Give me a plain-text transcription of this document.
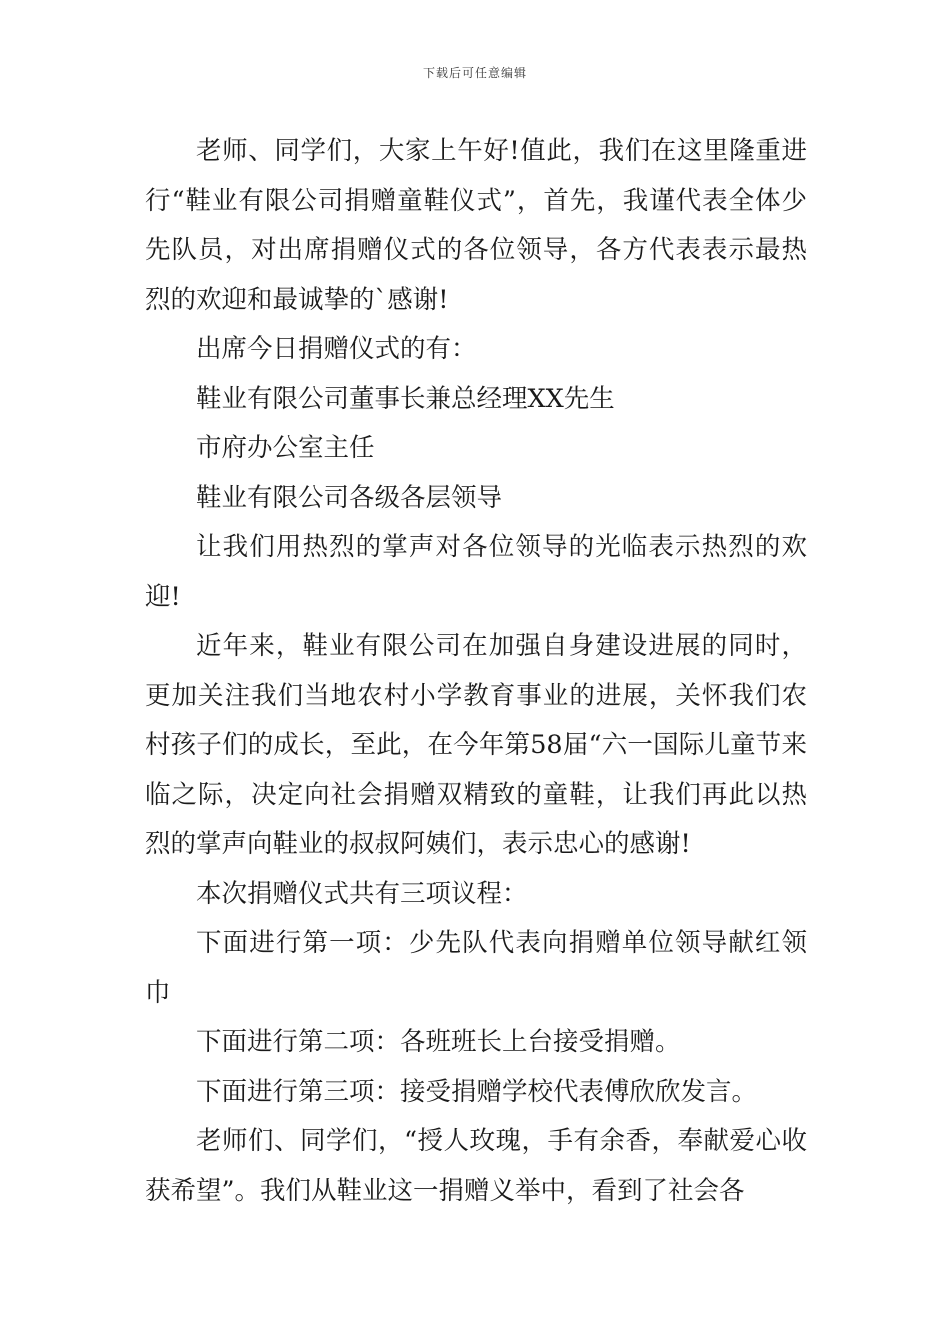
下载后可任意编辑

老师、同学们，大家上午好!值此，我们在这里隆重进行“鞋业有限公司捐赠童鞋仪式”，首先，我谨代表全体少先队员，对出席捐赠仪式的各位领导，各方代表表示最热烈的欢迎和最诚挚的`感谢!

出席今日捐赠仪式的有：

鞋业有限公司董事长兼总经理XX先生

市府办公室主任

鞋业有限公司各级各层领导

让我们用热烈的掌声对各位领导的光临表示热烈的欢迎!

近年来，鞋业有限公司在加强自身建设进展的同时，更加关注我们当地农村小学教育事业的进展，关怀我们农村孩子们的成长，至此，在今年第58届“六一国际儿童节来临之际，决定向社会捐赠双精致的童鞋，让我们再此以热烈的掌声向鞋业的叔叔阿姨们，表示忠心的感谢!

本次捐赠仪式共有三项议程：

下面进行第一项：少先队代表向捐赠单位领导献红领巾

下面进行第二项：各班班长上台接受捐赠。

下面进行第三项：接受捐赠学校代表傅欣欣发言。

老师们、同学们，“授人玫瑰，手有余香，奉献爱心收获希望”。我们从鞋业这一捐赠义举中，看到了社会各
